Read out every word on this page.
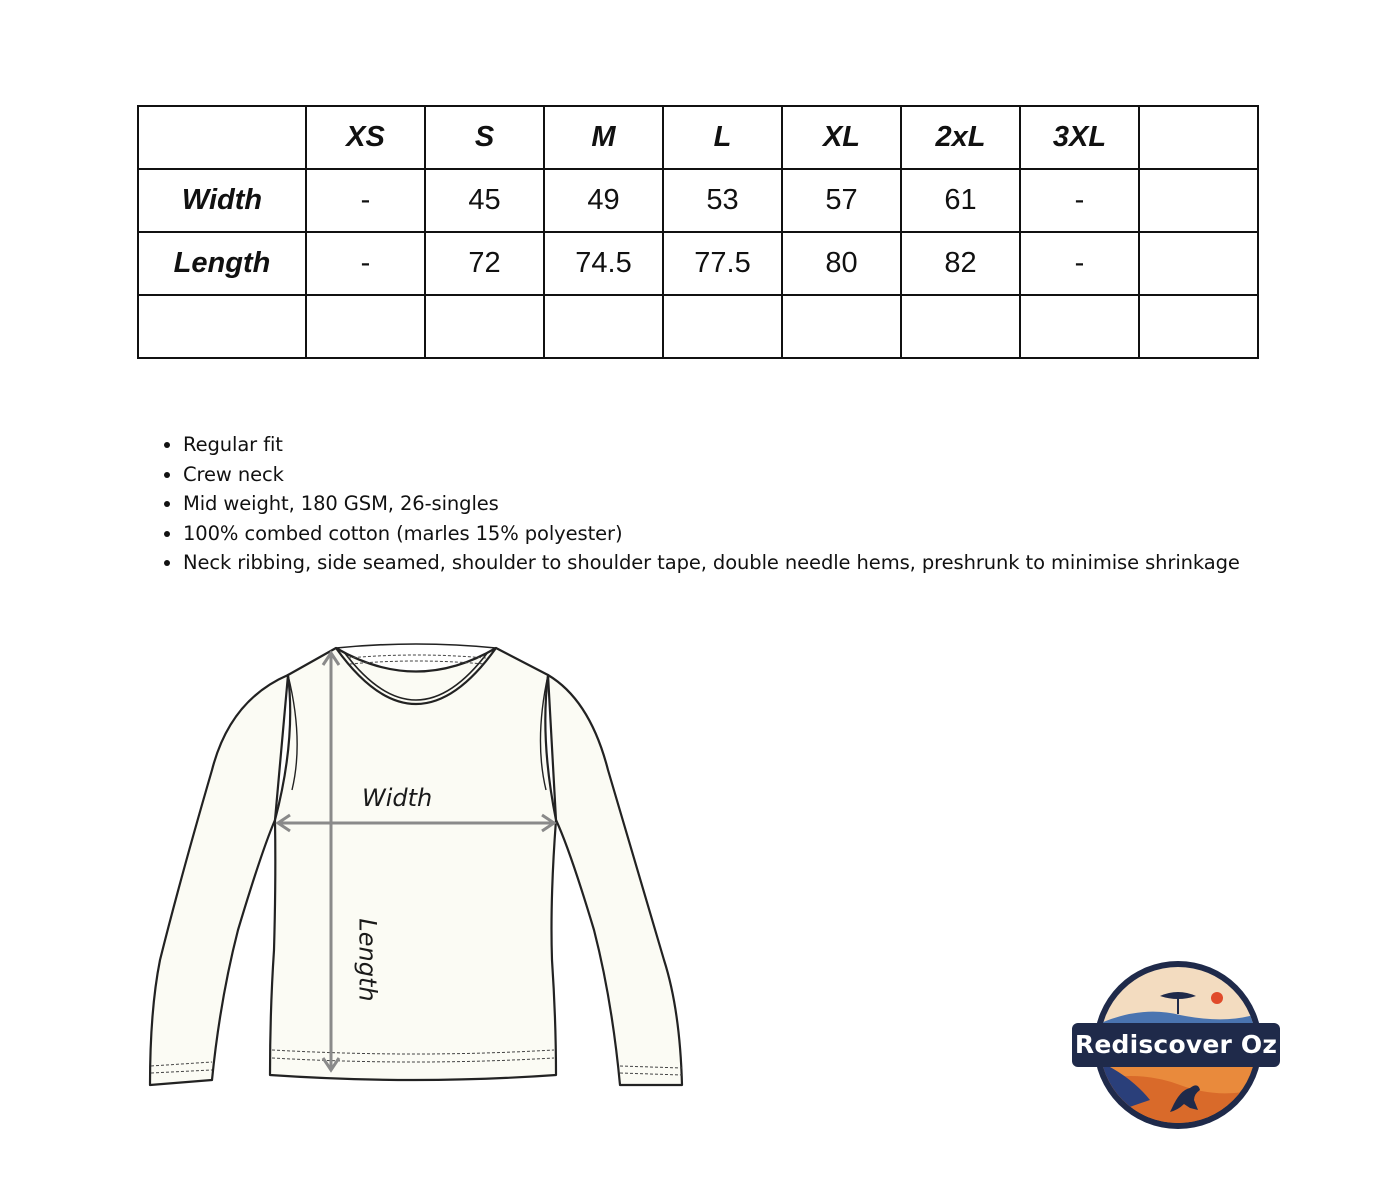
	XS	S	M	L	XL	2xL	3XL	
Width	-	45	49	53	57	61	-	
Length	-	72	74.5	77.5	80	82	-	

• Regular fit
• Crew neck
• Mid weight, 180 GSM, 26-singles
• 100% combed cotton (marles 15% polyester)
• Neck ribbing, side seamed, shoulder to shoulder tape, double needle hems, preshrunk to minimise shrinkage
Width
Length
Rediscover Oz
